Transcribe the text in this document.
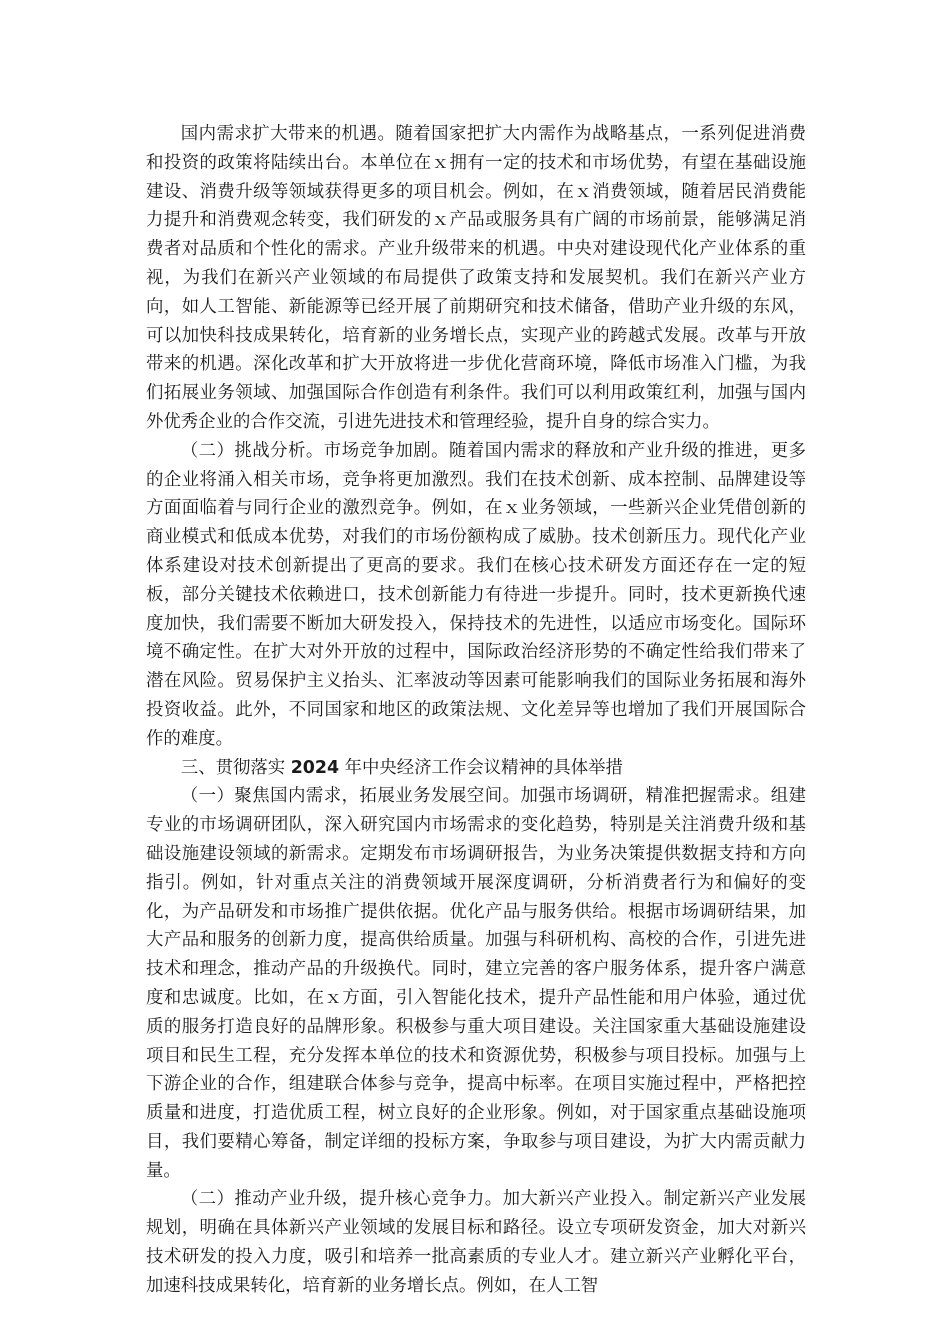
国内需求扩大带来的机遇。随着国家把扩大内需作为战略基点，一系列促进消费和投资的政策将陆续出台。本单位在ｘ拥有一定的技术和市场优势，有望在基础设施建设、消费升级等领域获得更多的项目机会。例如，在ｘ消费领域，随着居民消费能力提升和消费观念转变，我们研发的ｘ产品或服务具有广阔的市场前景，能够满足消费者对品质和个性化的需求。产业升级带来的机遇。中央对建设现代化产业体系的重视，为我们在新兴产业领域的布局提供了政策支持和发展契机。我们在新兴产业方向，如人工智能、新能源等已经开展了前期研究和技术储备，借助产业升级的东风，可以加快科技成果转化，培育新的业务增长点，实现产业的跨越式发展。改革与开放带来的机遇。深化改革和扩大开放将进一步优化营商环境，降低市场准入门槛，为我们拓展业务领域、加强国际合作创造有利条件。我们可以利用政策红利，加强与国内外优秀企业的合作交流，引进先进技术和管理经验，提升自身的综合实力。

（二）挑战分析。市场竞争加剧。随着国内需求的释放和产业升级的推进，更多的企业将涌入相关市场，竞争将更加激烈。我们在技术创新、成本控制、品牌建设等方面面临着与同行企业的激烈竞争。例如，在ｘ业务领域，一些新兴企业凭借创新的商业模式和低成本优势，对我们的市场份额构成了威胁。技术创新压力。现代化产业体系建设对技术创新提出了更高的要求。我们在核心技术研发方面还存在一定的短板，部分关键技术依赖进口，技术创新能力有待进一步提升。同时，技术更新换代速度加快，我们需要不断加大研发投入，保持技术的先进性，以适应市场变化。国际环境不确定性。在扩大对外开放的过程中，国际政治经济形势的不确定性给我们带来了潜在风险。贸易保护主义抬头、汇率波动等因素可能影响我们的国际业务拓展和海外投资收益。此外，不同国家和地区的政策法规、文化差异等也增加了我们开展国际合作的难度。

三、贯彻落实 2024 年中央经济工作会议精神的具体举措

（一）聚焦国内需求，拓展业务发展空间。加强市场调研，精准把握需求。组建专业的市场调研团队，深入研究国内市场需求的变化趋势，特别是关注消费升级和基础设施建设领域的新需求。定期发布市场调研报告，为业务决策提供数据支持和方向指引。例如，针对重点关注的消费领域开展深度调研，分析消费者行为和偏好的变化，为产品研发和市场推广提供依据。优化产品与服务供给。根据市场调研结果，加大产品和服务的创新力度，提高供给质量。加强与科研机构、高校的合作，引进先进技术和理念，推动产品的升级换代。同时，建立完善的客户服务体系，提升客户满意度和忠诚度。比如，在ｘ方面，引入智能化技术，提升产品性能和用户体验，通过优质的服务打造良好的品牌形象。积极参与重大项目建设。关注国家重大基础设施建设项目和民生工程，充分发挥本单位的技术和资源优势，积极参与项目投标。加强与上下游企业的合作，组建联合体参与竞争，提高中标率。在项目实施过程中，严格把控质量和进度，打造优质工程，树立良好的企业形象。例如，对于国家重点基础设施项目，我们要精心筹备，制定详细的投标方案，争取参与项目建设，为扩大内需贡献力量。

（二）推动产业升级，提升核心竞争力。加大新兴产业投入。制定新兴产业发展规划，明确在具体新兴产业领域的发展目标和路径。设立专项研发资金，加大对新兴技术研发的投入力度，吸引和培养一批高素质的专业人才。建立新兴产业孵化平台，加速科技成果转化，培育新的业务增长点。例如，在人工智
